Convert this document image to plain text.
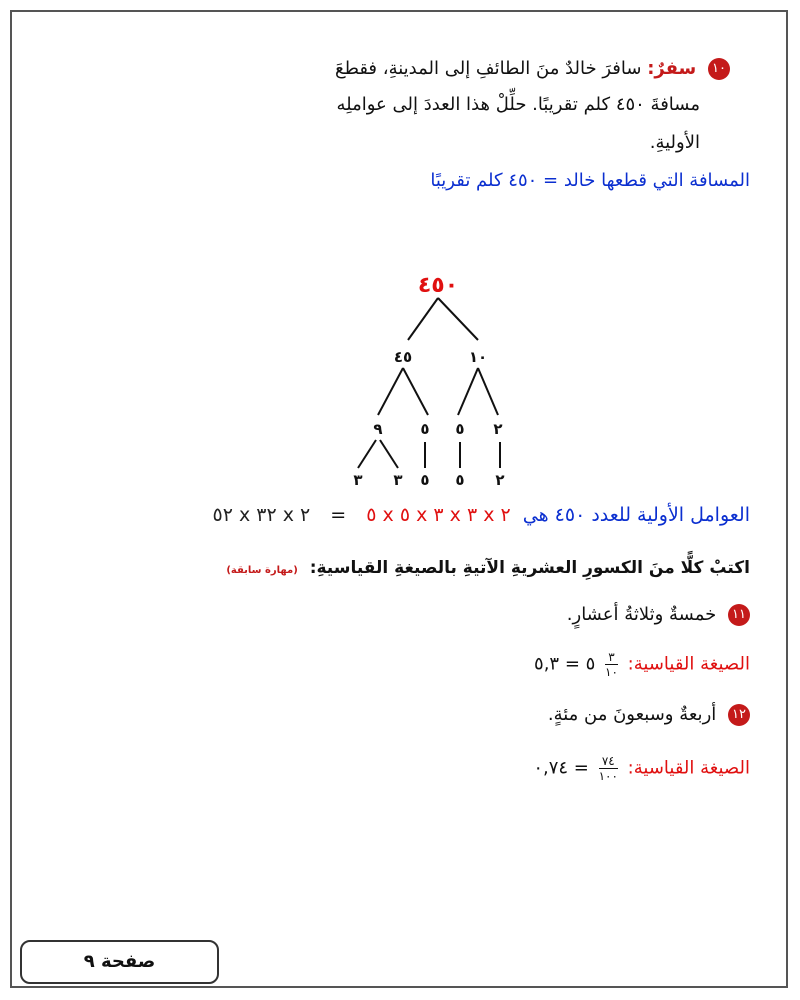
١٠ سفرٌ: سافرَ خالدٌ منَ الطائفِ إلى المدينةِ، فقطعَ
مسافةَ ٤٥٠ كلم تقريبًا. حلِّلْ هذا العددَ إلى عواملِه
الأوليةِ.
المسافة التي قطعها خالد = ٤٥٠ كلم تقريبًا
٤٥٠
١٠
٤٥
٢
٥
٥
٩
٢
٥
٥
٣
٣
العوامل الأولية للعدد ٤٥٠ هي ٢ x ٣ x ٣ x ٥ x ٥ = ٢ x ٣٢ x ٥٢
اكتبْ كلًّا منَ الكسورِ العشريةِ الآتيةِ بالصيغةِ القياسيةِ: (مهارة سابقة)
١١ خمسةٌ وثلاثةُ أعشارٍ.
الصيغة القياسية:
$\frac{٣}{١٠}$
٥ = ٥,٣
١٢ أربعةٌ وسبعونَ من مئةٍ.
الصيغة القياسية:
$\frac{٧٤}{١٠٠}$
= ٠,٧٤
صفحة ٩
